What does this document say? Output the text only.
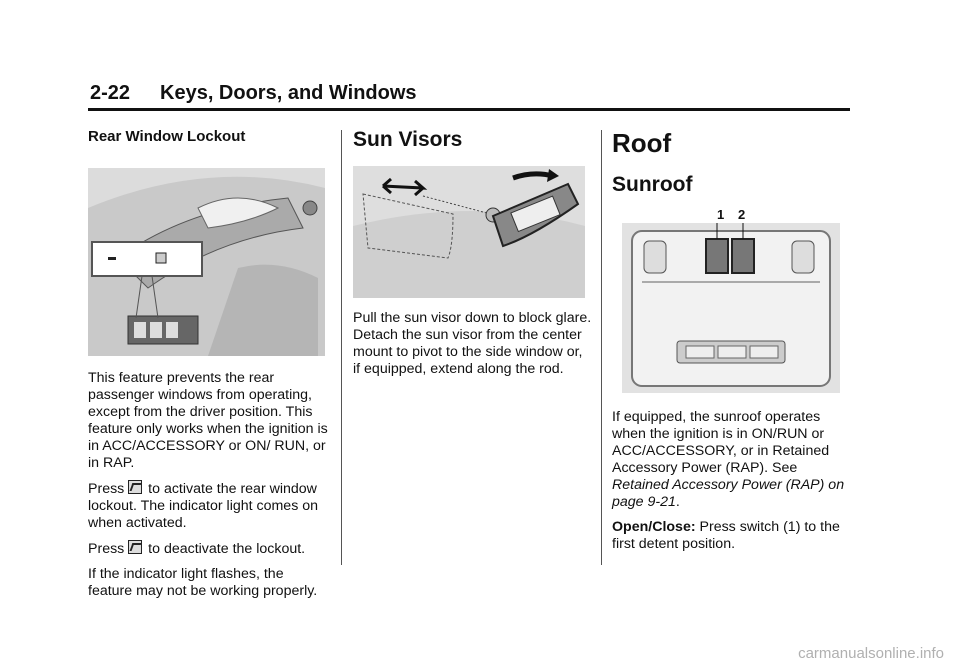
2-22 Keys, Doors, and Windows
Rear Window Lockout

This feature prevents the rear passenger windows from operating, except from the driver position. This feature only works when the ignition is in ACC/ACCESSORY or ON/ RUN, or in RAP.

Press to activate the rear window lockout. The indicator light comes on when activated.

Press to deactivate the lockout.

If the indicator light flashes, the feature may not be working properly.

Sun Visors

Pull the sun visor down to block glare. Detach the sun visor from the center mount to pivot to the side window or, if equipped, extend along the rod.

Roof
Sunroof
1 2

If equipped, the sunroof operates when the ignition is in ON/RUN or ACC/ACCESSORY, or in Retained Accessory Power (RAP). See Retained Accessory Power (RAP) on page 9-21.

Open/Close: Press switch (1) to the first detent position.

carmanualsonline.info
